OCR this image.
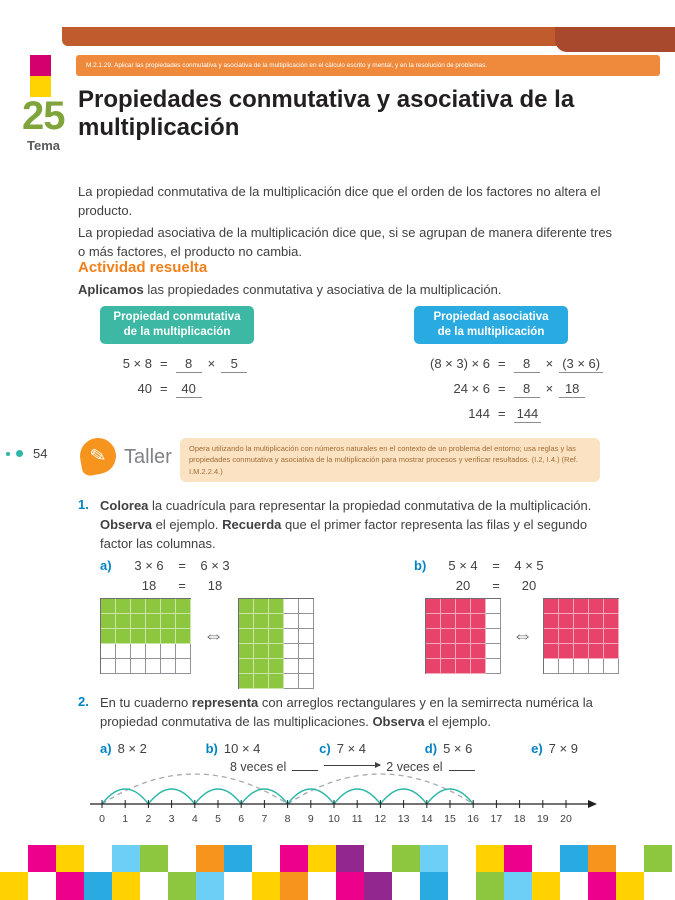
25
Tema
M.2.1.29. Aplicar las propiedades conmutativa y asociativa de la multiplicación en el cálculo escrito y mental, y en la resolución de problemas.
Propiedades conmutativa y asociativa de la multiplicación

La propiedad conmutativa de la multiplicación dice que el orden de los factores no altera el producto.

La propiedad asociativa de la multiplicación dice que, si se agrupan de manera diferente tres o más factores, el producto no cambia.

Actividad resuelta
Aplicamos las propiedades conmutativa y asociativa de la multiplicación.
Propiedad conmutativa
de la multiplicación
Propiedad asociativa
de la multiplicación
5 × 8 =	8	×	5
40 =	40
(8 × 3) × 6 =	8	× (3 × 6)
24 × 6 =	8	× 18
144 = 144
54 ✎ Taller	Opera utilizando la multiplicación con números naturales en el contexto de un problema del entorno; usa reglas y las propiedades conmutativa y asociativa de la multiplicación para mostrar procesos y verificar resultados. (I.2, I.4.) (Ref. I.M.2.2.4.)
1. Colorea la cuadrícula para representar la propiedad conmutativa de la multiplicación. Observa el ejemplo. Recuerda que el primer factor representa las filas y el segundo factor las columnas.
a)	3 × 6	=	6 × 3
18	=	18
b)	5 × 4	=	4 × 5
20	=	20
⇔	⇔
2. En tu cuaderno representa con arreglos rectangulares y en la semirrecta numérica la propiedad conmutativa de las multiplicaciones. Observa el ejemplo.
a) 8 × 2	b) 10 × 4	c) 7 × 4	d) 5 × 6	e) 7 × 9
8 veces el	2 veces el
0 1 2 3 4 5 6 7 8 9 10 11 12 13 14 15 16 17 18 19 20
